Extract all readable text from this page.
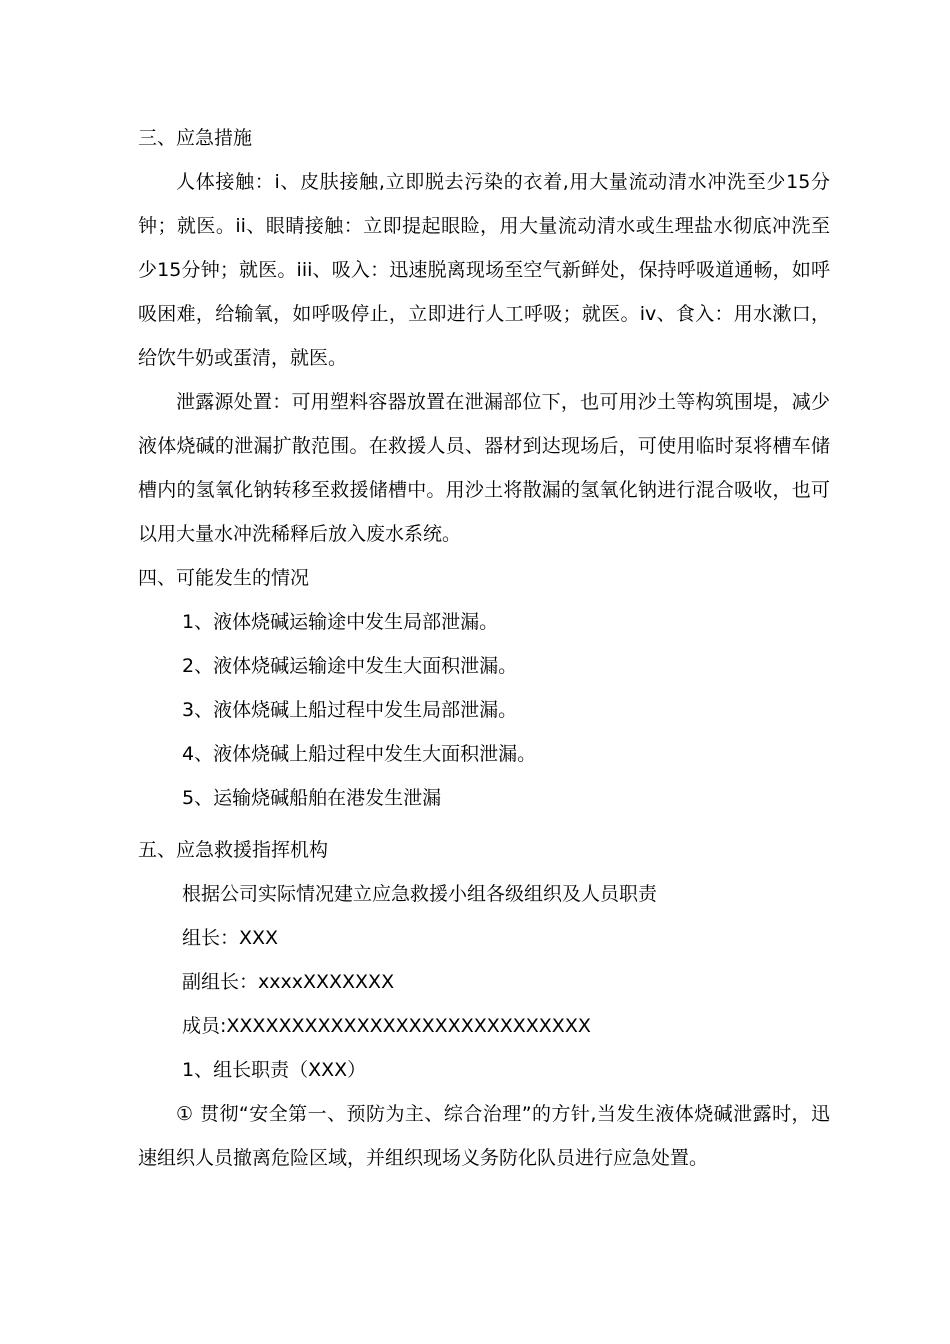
三、应急措施

人体接触：i、皮肤接触,立即脱去污染的衣着,用大量流动清水冲洗至少15分钟；就医。ii、眼睛接触：立即提起眼睑，用大量流动清水或生理盐水彻底冲洗至少15分钟；就医。iii、吸入：迅速脱离现场至空气新鲜处，保持呼吸道通畅，如呼吸困难，给输氧，如呼吸停止，立即进行人工呼吸；就医。iv、食入：用水漱口，给饮牛奶或蛋清，就医。

泄露源处置：可用塑料容器放置在泄漏部位下，也可用沙土等构筑围堤，减少液体烧碱的泄漏扩散范围。在救援人员、器材到达现场后，可使用临时泵将槽车储槽内的氢氧化钠转移至救援储槽中。用沙土将散漏的氢氧化钠进行混合吸收，也可以用大量水冲洗稀释后放入废水系统。

四、可能发生的情况

1、液体烧碱运输途中发生局部泄漏。

2、液体烧碱运输途中发生大面积泄漏。

3、液体烧碱上船过程中发生局部泄漏。

4、液体烧碱上船过程中发生大面积泄漏。

5、运输烧碱船舶在港发生泄漏

五、应急救援指挥机构

根据公司实际情况建立应急救援小组各级组织及人员职责

组长：XXX

副组长：xxxxXXXXXXX

成员:XXXXXXXXXXXXXXXXXXXXXXXXXXXX

1、组长职责（XXX）

① 贯彻“安全第一、预防为主、综合治理”的方针,当发生液体烧碱泄露时，迅速组织人员撤离危险区域，并组织现场义务防化队员进行应急处置。
